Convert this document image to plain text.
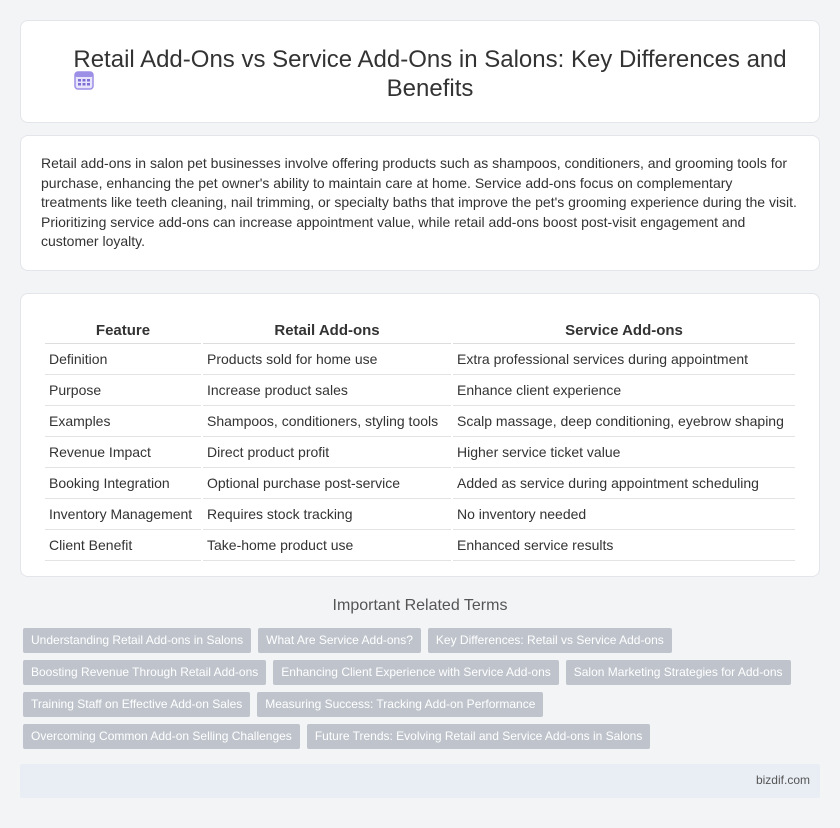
Retail Add-Ons vs Service Add-Ons in Salons: Key Differences and Benefits

Retail add-ons in salon pet businesses involve offering products such as shampoos, conditioners, and grooming tools for purchase, enhancing the pet owner's ability to maintain care at home. Service add-ons focus on complementary treatments like teeth cleaning, nail trimming, or specialty baths that improve the pet's grooming experience during the visit. Prioritizing service add-ons can increase appointment value, while retail add-ons boost post-visit engagement and customer loyalty.

Feature	Retail Add-ons	Service Add-ons
Definition	Products sold for home use	Extra professional services during appointment
Purpose	Increase product sales	Enhance client experience
Examples	Shampoos, conditioners, styling tools	Scalp massage, deep conditioning, eyebrow shaping
Revenue Impact	Direct product profit	Higher service ticket value
Booking Integration	Optional purchase post-service	Added as service during appointment scheduling
Inventory Management	Requires stock tracking	No inventory needed
Client Benefit	Take-home product use	Enhanced service results
Important Related Terms
Understanding Retail Add-ons in Salons	What Are Service Add-ons?	Key Differences: Retail vs Service Add-ons
Boosting Revenue Through Retail Add-ons	Enhancing Client Experience with Service Add-ons	Salon Marketing Strategies for Add-ons
Training Staff on Effective Add-on Sales	Measuring Success: Tracking Add-on Performance
Overcoming Common Add-on Selling Challenges	Future Trends: Evolving Retail and Service Add-ons in Salons
bizdif.com
